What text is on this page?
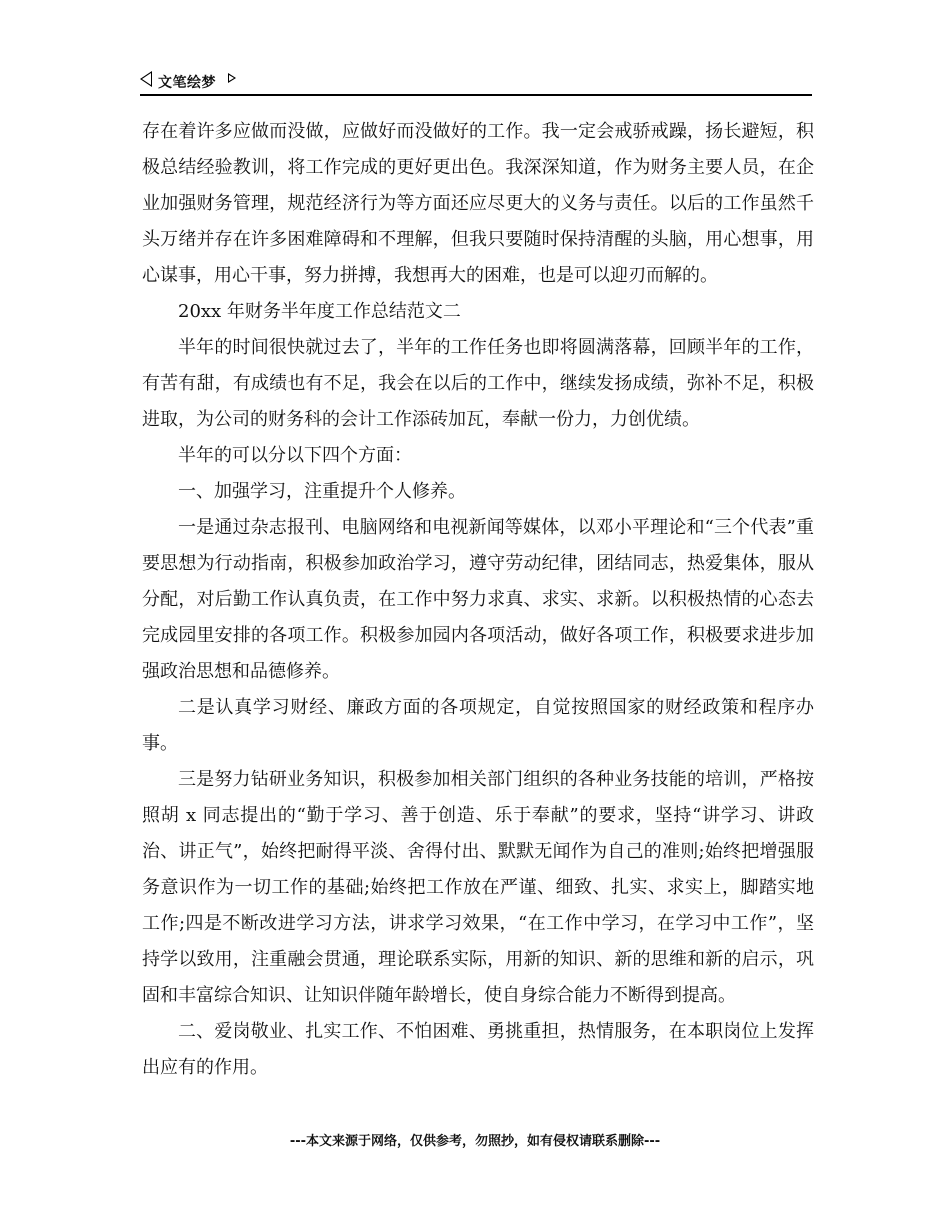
文笔绘梦

存在着许多应做而没做，应做好而没做好的工作。我一定会戒骄戒躁，扬长避短，积极总结经验教训，将工作完成的更好更出色。我深深知道，作为财务主要人员，在企业加强财务管理，规范经济行为等方面还应尽更大的义务与责任。以后的工作虽然千头万绪并存在许多困难障碍和不理解，但我只要随时保持清醒的头脑，用心想事，用心谋事，用心干事，努力拼搏，我想再大的困难，也是可以迎刃而解的。

20xx 年财务半年度工作总结范文二

半年的时间很快就过去了，半年的工作任务也即将圆满落幕，回顾半年的工作，有苦有甜，有成绩也有不足，我会在以后的工作中，继续发扬成绩，弥补不足，积极进取，为公司的财务科的会计工作添砖加瓦，奉献一份力，力创优绩。

半年的可以分以下四个方面：

一、加强学习，注重提升个人修养。

一是通过杂志报刊、电脑网络和电视新闻等媒体，以邓小平理论和“三个代表”重要思想为行动指南，积极参加政治学习，遵守劳动纪律，团结同志，热爱集体，服从分配，对后勤工作认真负责，在工作中努力求真、求实、求新。以积极热情的心态去完成园里安排的各项工作。积极参加园内各项活动，做好各项工作，积极要求进步加强政治思想和品德修养。

二是认真学习财经、廉政方面的各项规定，自觉按照国家的财经政策和程序办事。

三是努力钻研业务知识，积极参加相关部门组织的各种业务技能的培训，严格按照胡 x 同志提出的“勤于学习、善于创造、乐于奉献”的要求，坚持“讲学习、讲政治、讲正气”，始终把耐得平淡、舍得付出、默默无闻作为自己的准则;始终把增强服务意识作为一切工作的基础;始终把工作放在严谨、细致、扎实、求实上，脚踏实地工作;四是不断改进学习方法，讲求学习效果，“在工作中学习，在学习中工作”，坚持学以致用，注重融会贯通，理论联系实际，用新的知识、新的思维和新的启示，巩固和丰富综合知识、让知识伴随年龄增长，使自身综合能力不断得到提高。

二、爱岗敬业、扎实工作、不怕困难、勇挑重担，热情服务，在本职岗位上发挥出应有的作用。

---本文来源于网络，仅供参考，勿照抄，如有侵权请联系删除---
